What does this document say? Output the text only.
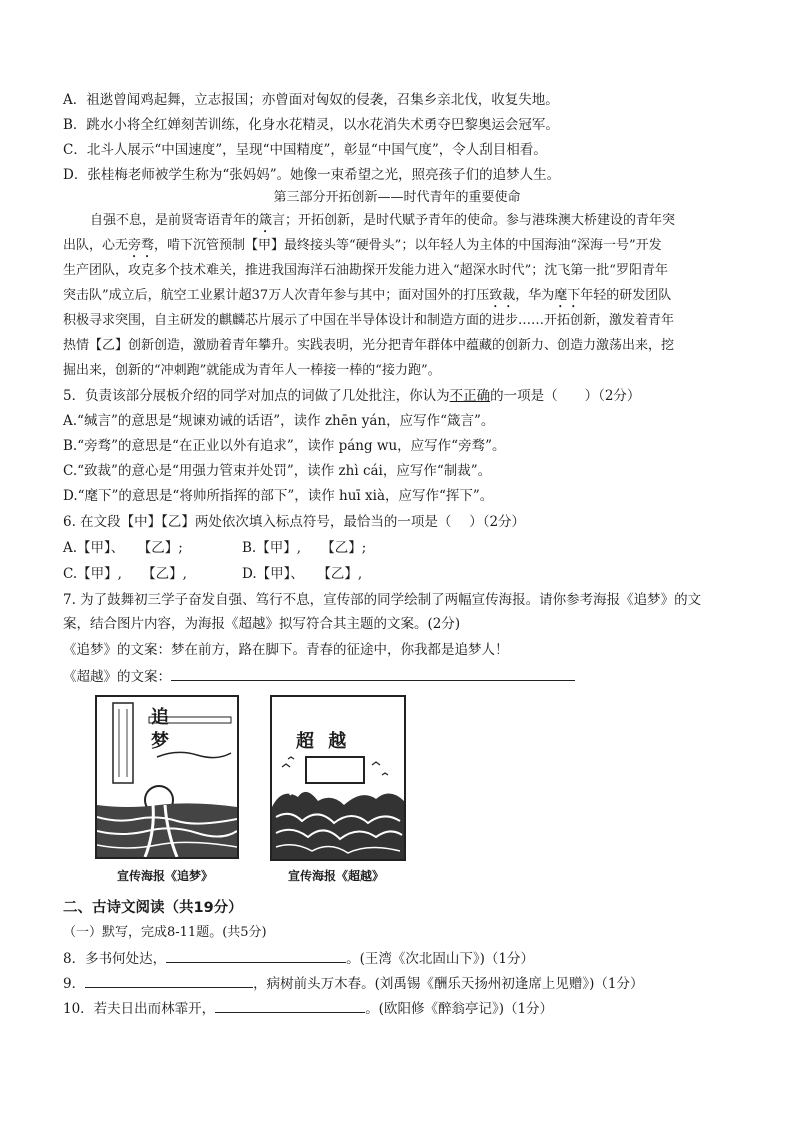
A．祖逖曾闻鸡起舞，立志报国；亦曾面对匈奴的侵袭，召集乡亲北伐，收复失地。
B．跳水小将全红婵刻苦训练，化身水花精灵，以水花消失术勇夺巴黎奥运会冠军。
C．北斗人展示“中国速度”，呈现“中国精度”，彰显“中国气度”，令人刮目相看。
D．张桂梅老师被学生称为“张妈妈”。她像一束希望之光，照亮孩子们的追梦人生。
第三部分开拓创新——时代青年的重要使命
自强不息，是前贤寄语青年的箴言；开拓创新，是时代赋予青年的使命。参与港珠澳大桥建设的青年突
出队，心无旁骛，啃下沉管预制【甲】最终接头等“硬骨头”；以年轻人为主体的中国海油“深海一号”开发
生产团队，攻克多个技术难关，推进我国海洋石油勘探开发能力进入“超深水时代”；沈飞第一批“罗阳青年
突击队”成立后，航空工业累计超37万人次青年参与其中；面对国外的打压致裁，华为麾下年轻的研发团队
积极寻求突围，自主研发的麒麟芯片展示了中国在半导体设计和制造方面的进步……开拓创新，激发着青年
热情【乙】创新创造，激励着青年攀升。实践表明，光分把青年群体中蕴藏的创新力、创造力激荡出来，挖
掘出来，创新的“冲刺跑”就能成为青年人一棒接一棒的“接力跑”。
5．负责该部分展板介绍的同学对加点的词做了几处批注，你认为不正确的一项是（　　）（2分）
A.“缄言”的意思是“规谏劝诫的话语”，读作 zhēn yán，应写作“箴言”。
B.“旁骛”的意思是“在正业以外有追求”，读作 páng wu，应写作“旁骛”。
C.“致裁”的意心是“用强力管束并处罚”，读作 zhì cái，应写作“制裁”。
D.“麾下”的意思是“将帅所指挥的部下”，读作 huī xià，应写作“挥下”。
6. 在文段【中】【乙】两处依次填入标点符号，最恰当的一项是（　 ）（2分）
A.【甲】、　　【乙】;	B.【甲】,　　【乙】;
C.【甲】,　　【乙】,	D.【甲】、　　【乙】,
7. 为了鼓舞初三学子奋发自强、笃行不息，宣传部的同学绘制了两幅宣传海报。请你参考海报《追梦》的文
案，结合图片内容，为海报《超越》拟写符合其主题的文案。(2分)
《追梦》的文案：梦在前方，路在脚下。青春的征途中，你我都是追梦人！
《超越》的文案：
追
梦	超 越
宣传海报《追梦》	宣传海报《超越》
二、古诗文阅读（共19分）
（一）默写，完成8-11题。(共5分)
8．多书何处达，	。(王湾《次北固山下》)（1分）
9．	，病树前头万木春。(刘禹锡《酬乐天扬州初逢席上见赠》)（1分）
10．若夫日出而林霏开，	。(欧阳修《醉翁亭记》)（1分）
